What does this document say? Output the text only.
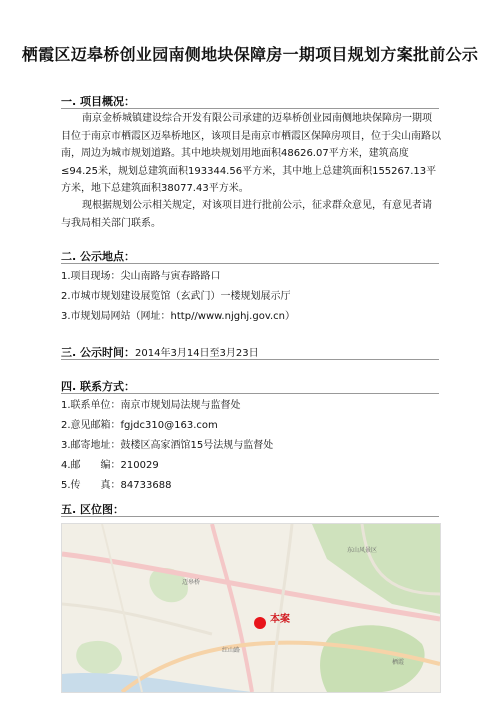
栖霞区迈皋桥创业园南侧地块保障房一期项目规划方案批前公示
一. 项目概况：
南京金桥城镇建设综合开发有限公司承建的迈皋桥创业园南侧地块保障房一期项目位于南京市栖霞区迈皋桥地区，该项目是南京市栖霞区保障房项目，位于尖山南路以南，周边为城市规划道路。其中地块规划用地面积48626.07平方米，建筑高度≤94.25米，规划总建筑面积193344.56平方米，其中地上总建筑面积155267.13平方米，地下总建筑面积38077.43平方米。
现根据规划公示相关规定，对该项目进行批前公示，征求群众意见，有意见者请与我局相关部门联系。
二. 公示地点：
1.项目现场：尖山南路与寅春路路口
2.市城市规划建设展览馆（玄武门）一楼规划展示厅
3.市规划局网站（网址：http//www.njghj.gov.cn）
三. 公示时间：2014年3月14日至3月23日
四. 联系方式：
1.联系单位：南京市规划局法规与监督处
2.意见邮箱：fgjdc310@163.com
3.邮寄地址：鼓楼区高家酒馆15号法规与监督处
4.邮　　编：210029
5.传　　真：84733688
五. 区位图：
东山风景区
栖霞
迈皋桥
红山路
本案
